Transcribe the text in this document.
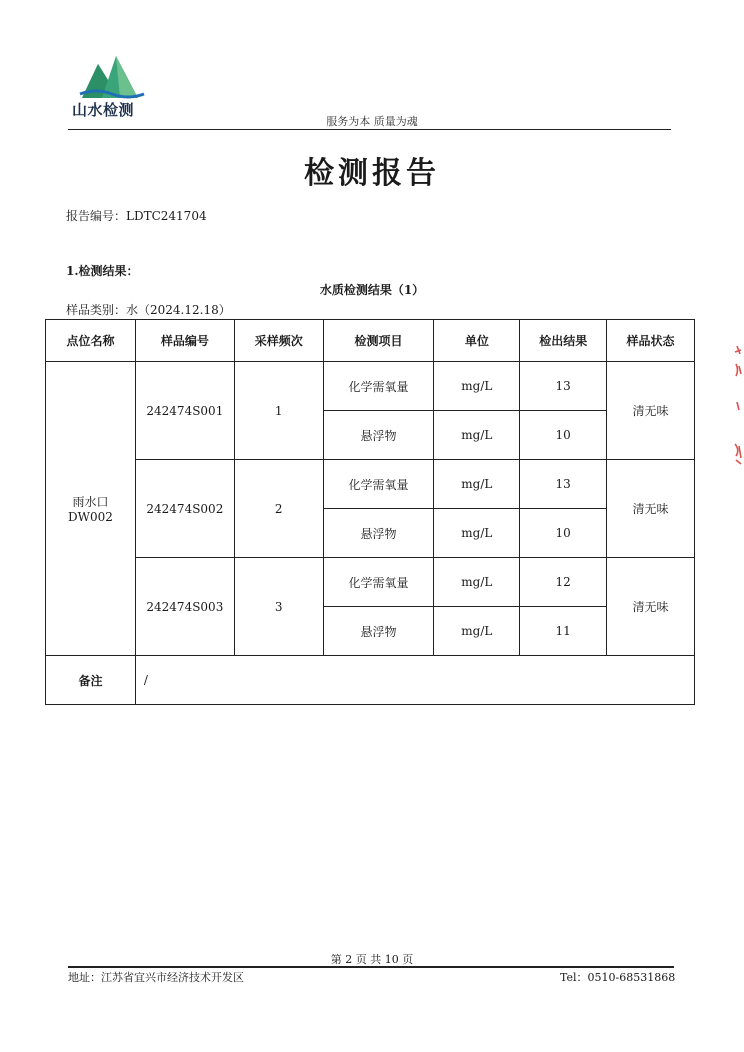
山水检测
服务为本 质量为魂
检测报告
报告编号：LDTC241704
1.检测结果：
水质检测结果（1）
样品类别：水（2024.12.18）
点位名称	样品编号	采样频次	检测项目	单位	检出结果	样品状态

雨水口
DW002	242474S001	1	化学需氧量	mg/L	13	清无味
			悬浮物	mg/L	10	
	242474S002	2	化学需氧量	mg/L	13	清无味
			悬浮物	mg/L	10	
	242474S003	3	化学需氧量	mg/L	12	清无味
			悬浮物	mg/L	11	
备注	/					
第 2 页 共 10 页
地址：江苏省宜兴市经济技术开发区	Tel：0510-68531868
